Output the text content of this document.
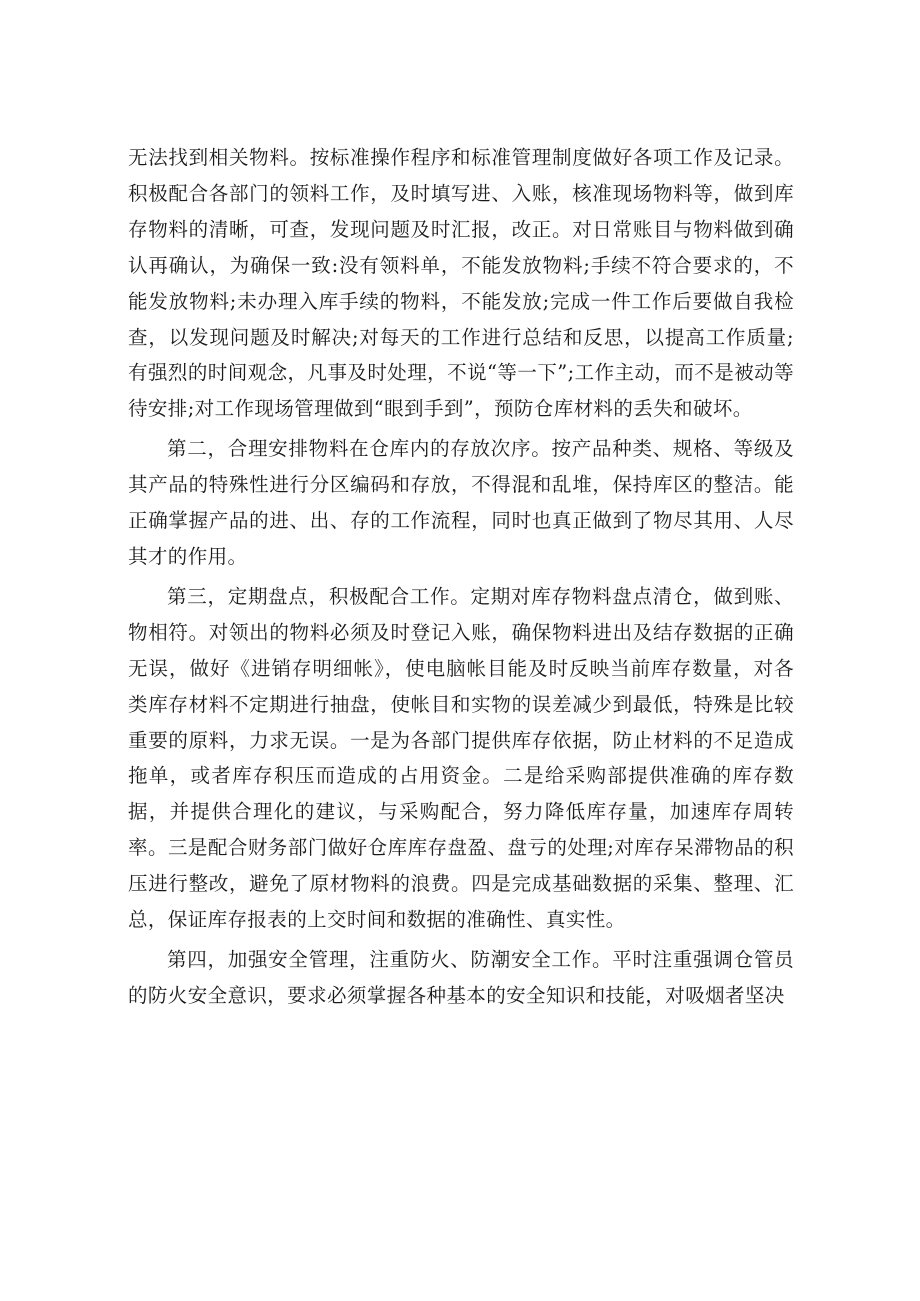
无法找到相关物料。按标准操作程序和标准管理制度做好各项工作及记录。积极配合各部门的领料工作，及时填写进、入账，核准现场物料等，做到库存物料的清晰，可查，发现问题及时汇报，改正。对日常账目与物料做到确认再确认，为确保一致:没有领料单，不能发放物料;手续不符合要求的，不能发放物料;未办理入库手续的物料，不能发放;完成一件工作后要做自我检查，以发现问题及时解决;对每天的工作进行总结和反思，以提高工作质量;有强烈的时间观念，凡事及时处理，不说“等一下”;工作主动，而不是被动等待安排;对工作现场管理做到“眼到手到”，预防仓库材料的丢失和破坏。

第二，合理安排物料在仓库内的存放次序。按产品种类、规格、等级及其产品的特殊性进行分区编码和存放，不得混和乱堆，保持库区的整洁。能正确掌握产品的进、出、存的工作流程，同时也真正做到了物尽其用、人尽其才的作用。

第三，定期盘点，积极配合工作。定期对库存物料盘点清仓，做到账、物相符。对领出的物料必须及时登记入账，确保物料进出及结存数据的正确无误，做好《进销存明细帐》，使电脑帐目能及时反映当前库存数量，对各类库存材料不定期进行抽盘，使帐目和实物的误差减少到最低，特殊是比较重要的原料，力求无误。一是为各部门提供库存依据，防止材料的不足造成拖单，或者库存积压而造成的占用资金。二是给采购部提供准确的库存数据，并提供合理化的建议，与采购配合，努力降低库存量，加速库存周转率。三是配合财务部门做好仓库库存盘盈、盘亏的处理;对库存呆滞物品的积压进行整改，避免了原材物料的浪费。四是完成基础数据的采集、整理、汇总，保证库存报表的上交时间和数据的准确性、真实性。

第四，加强安全管理，注重防火、防潮安全工作。平时注重强调仓管员的防火安全意识，要求必须掌握各种基本的安全知识和技能，对吸烟者坚决
